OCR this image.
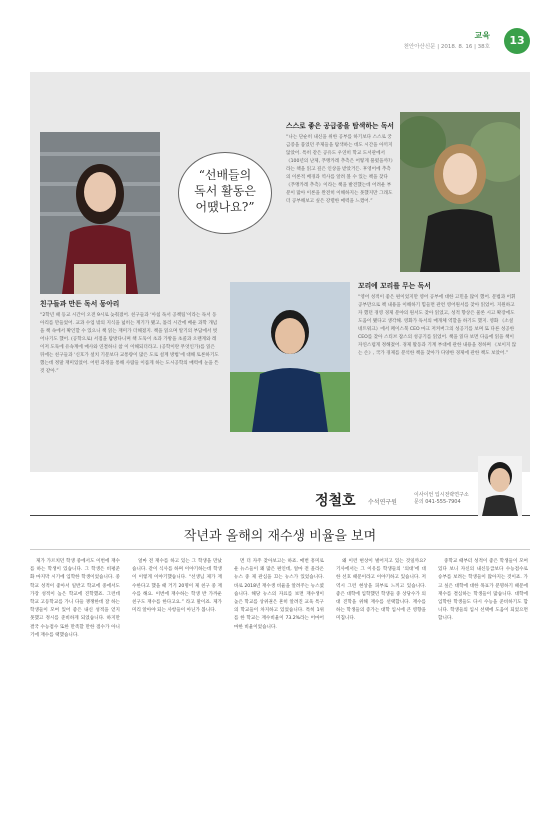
교육
천안아산신문 | 2018. 8. 16 | 38호	13
“선배들의
독서 활동은
어땠나요?”
스스로 좋은 공급종을 탐색하는 독서

“나는 단순히 내신을 위한 공부를 하기보다 스스로 궁금증을 품었던 주제들을 탐색하는 데도 시간을 아끼지 않았어. 특히 같은 공유도 우연히 학교 도서관에서 《100년의 난제, 푸앵카레 추측은 어떻게 풀렸을까?》라는 책을 읽고 깊은 인상을 받았거든. 후영어에 추측의 이론적 배경과 역사를 알려 볼 수 있는 책을 찾다 《푸앵카레 추측》이라는 책을 발견했는데 어려운 부분이 많아 이론을 완전히 이해하지는 못했지만 그래도 더 공부해보고 싶은 강렬한 매력을 느꼈어.”

친구들과 만든 독서 동아리

“2학년 때 등교 시간이 오전 9시로 늦춰졌어. 친구들과 ‘아침 독서 공책팀’이라는 독서 동아리를 만들었어. 교과 수업 밖의 지식을 넓히는 계기가 됐고, 틀리 시간에 배운 과학 개념을 책 속에서 확인할 수 있으니 책 읽는 재미가 더해졌지. 책을 읽으며 알기의 부담에서 벗어나기도 했어. (공학으로) 서점을 탐방다니며 책 도둑이 초과 가방을 초콜과 오랜게와 레이저 도둑에 유속계에 매사와 연결하니 참 이 이해되더라고. (공학이란 무엇인가)를 읽은 뒤에는 친구들과 ‘신호가 설치 기문보다 교통량이 많은 도로 설계 방법’에 대해 토론하기도 했는데 정말 재미있었어. 어떤 과정을 통해 사람들 이롭게 하는 도시공학의 매력에 눈을 뜬 것 같아.”

꼬리에 꼬리를 무는 독서

“영어 성적이 좋은 편이었지만 영어 공부에 대한 고민을 많이 했어. 문법과 어휘 공부만으로 책 내용을 이해하기 힘들면 관련 영어원서를 찾아 읽었어. 지원하고자 했던 경영 경제 분야의 원서도 찾아 읽었고, 성적 향상은 물론 시고 확장에도 도움이 됐다고 생각해. 영화가 독서의 매개체 역할을 하기도 했지. 영화 《소셜 네트워크》에서 페이스북 CEO 마크 저커버그의 성공기를 보며 또 다른 성공한 CEO를 찾아 스티브 잡스의 성공기를 읽었어. 책을 읽다 보면 다음에 읽을 책이 자연스럽게 정해졌어. 경제 활동과 기계 부대에 관한 내용을 정하며 《보이지 않는 손》, 국가 경제를 분석한 책을 찾아가 다양한 경제에 관한 책도 보았어.”

정철호 수석연구원
이사이언 입시전략연구소
문의 041-555-7904
작년과 올해의 재수생 비율을 보며

제가 가르치던 학생 중에서도 이번에 재수를 하는 학생이 있습니다. 그 학생은 비평준화 마지막 시기에 입학한 학생이었습니다. 중학교 성적이 좋아서 일반고 학교에 중에서도 가장 성적이 높은 학교에 진학했죠. 그런데 학교 고등학교를 가니 다들 쟁쟁한데 잘 하는 학생들이 모여 있어 좋은 내신 성적을 얻지 못했고 정시를 준비하게 되었습니다. 하지만 결국 수능점수 또한 만족할 만한 점수가 아니기에 재수를 택했습니다.

얼마 전 재수를 하고 있는 그 학생을 만났습니다. 같이 식사를 하며 이야기하는데 학생이 이렇게 이야기했습니다. “선생님 제가 재수한다고 했을 때 거기 20명이 제 친구 중 재수를 해요. 이번에 재수하는 학생 반 가까운 친구도 재수를 한다고요.” 라고 말이죠. 제가 미리 알아야 되는 사항들이 아닌가 봅니다.

면 더 자주 찾아보고는 하죠. 매번 흥미로운 뉴스들이 꽤 많은 편인데, 얼마 전 올라온 뉴스 중 제 관심을 끄는 뉴스가 있었습니다. 바로 2018년 재수생 비율을 알려주는 뉴스였습니다. 해당 뉴스의 자료를 보면 재수생이 높은 학교를 상위권은 흔히 알려진 교육 특구의 학교들이 차지하고 있었습니다. 특히 1위를 한 학교는 재수비율이 73.2%라는 어마어마한 비율이었습니다.

왜 이런 현상이 벌어지고 있는 것일까요? 기사에서는 그 이유를 학생들의 ‘의대’에 대한 선호 때문이라고 이야기하고 있습니다. 저 역시 그런 현상을 피부로 느끼고 있습니다. 좋은 대학에 입학했던 학생들 중 상당수가 의대 진학을 위해 재수를 선택합니다. 재수를 하는 학생들의 증가는 대학 입시에 큰 영향을 미칩니다.

중학교 때부터 성적이 좋은 학생들이 모여 있다 보니 자신의 내신등급보다 수능점수로 승부를 보려는 학생들이 많아지는 것이죠. 가고 싶은 대학에 대한 목표가 분명하기 때문에 재수를 결심하는 학생들이 많습니다. 대학에 입학한 학생들도 다시 수능을 준비하기도 합니다. 학생들의 입시 선택에 도움이 되었으면 합니다.
